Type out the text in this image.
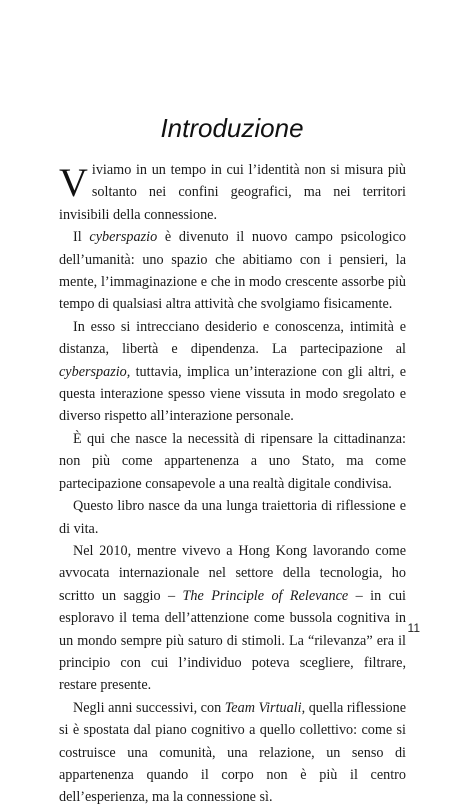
Introduzione

Viviamo in un tempo in cui l’identità non si misura più soltanto nei confini geografici, ma nei territori invisibili della connessione.

Il cyberspazio è divenuto il nuovo campo psicologico dell’umanità: uno spazio che abitiamo con i pensieri, la mente, l’immaginazione e che in modo crescente assorbe più tempo di qualsiasi altra attività che svolgiamo fisicamente.

In esso si intrecciano desiderio e conoscenza, intimità e distanza, libertà e dipendenza. La partecipazione al cyberspazio, tuttavia, implica un’interazione con gli altri, e questa interazione spesso viene vissuta in modo sregolato e diverso rispetto all’interazione personale.

È qui che nasce la necessità di ripensare la cittadinanza: non più come appartenenza a uno Stato, ma come partecipazione consapevole a una realtà digitale condivisa.

Questo libro nasce da una lunga traiettoria di riflessione e di vita.

Nel 2010, mentre vivevo a Hong Kong lavorando come avvocata internazionale nel settore della tecnologia, ho scritto un saggio – The Principle of Relevance – in cui esploravo il tema dell’attenzione come bussola cognitiva in un mondo sempre più saturo di stimoli. La “rilevanza” era il principio con cui l’individuo poteva scegliere, filtrare, restare presente.

Negli anni successivi, con Team Virtuali, quella riflessione si è spostata dal piano cognitivo a quello collettivo: come si costruisce una comunità, una relazione, un senso di appartenenza quando il corpo non è più il centro dell’esperienza, ma la connessione sì.

11
